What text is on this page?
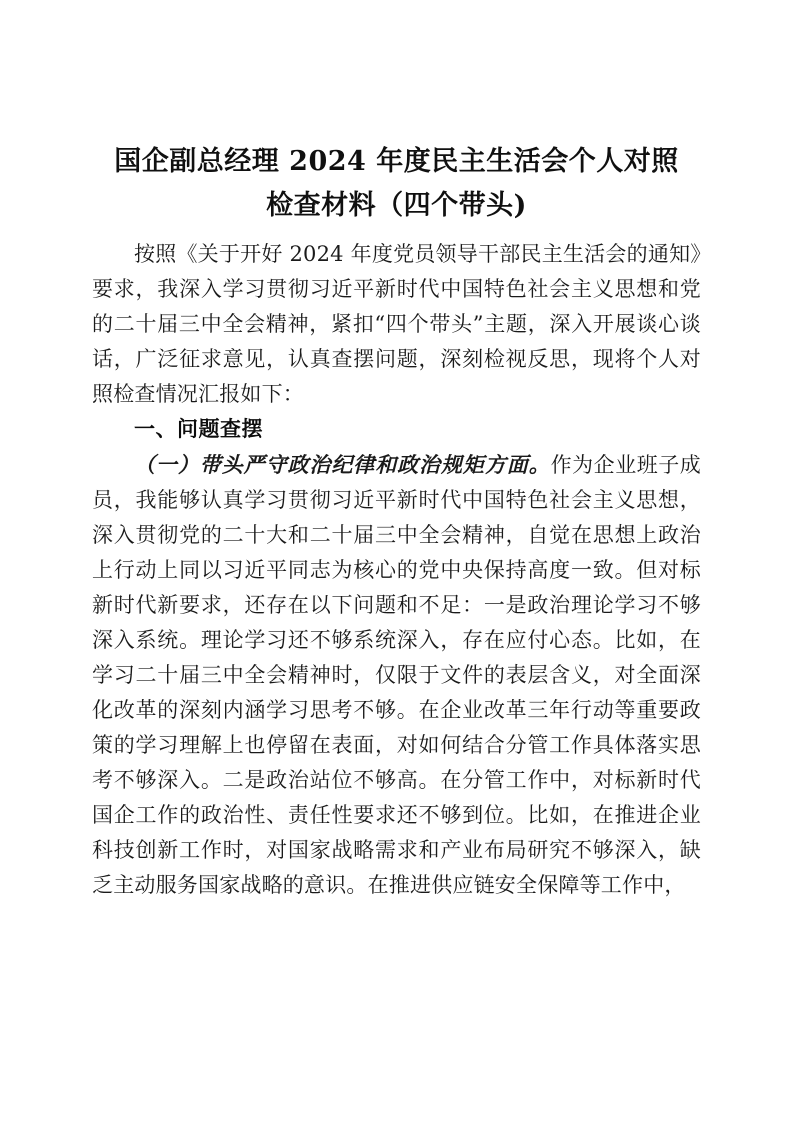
国企副总经理 2024 年度民主生活会个人对照
检查材料（四个带头)

按照《关于开好 2024 年度党员领导干部民主生活会的通知》要求，我深入学习贯彻习近平新时代中国特色社会主义思想和党的二十届三中全会精神，紧扣“四个带头”主题，深入开展谈心谈话，广泛征求意见，认真查摆问题，深刻检视反思，现将个人对照检查情况汇报如下：

一、问题查摆

（一）带头严守政治纪律和政治规矩方面。作为企业班子成员，我能够认真学习贯彻习近平新时代中国特色社会主义思想，深入贯彻党的二十大和二十届三中全会精神，自觉在思想上政治上行动上同以习近平同志为核心的党中央保持高度一致。但对标新时代新要求，还存在以下问题和不足：一是政治理论学习不够深入系统。理论学习还不够系统深入，存在应付心态。比如，在学习二十届三中全会精神时，仅限于文件的表层含义，对全面深化改革的深刻内涵学习思考不够。在企业改革三年行动等重要政策的学习理解上也停留在表面，对如何结合分管工作具体落实思考不够深入。二是政治站位不够高。在分管工作中，对标新时代国企工作的政治性、责任性要求还不够到位。比如，在推进企业科技创新工作时，对国家战略需求和产业布局研究不够深入，缺乏主动服务国家战略的意识。在推进供应链安全保障等工作中，
